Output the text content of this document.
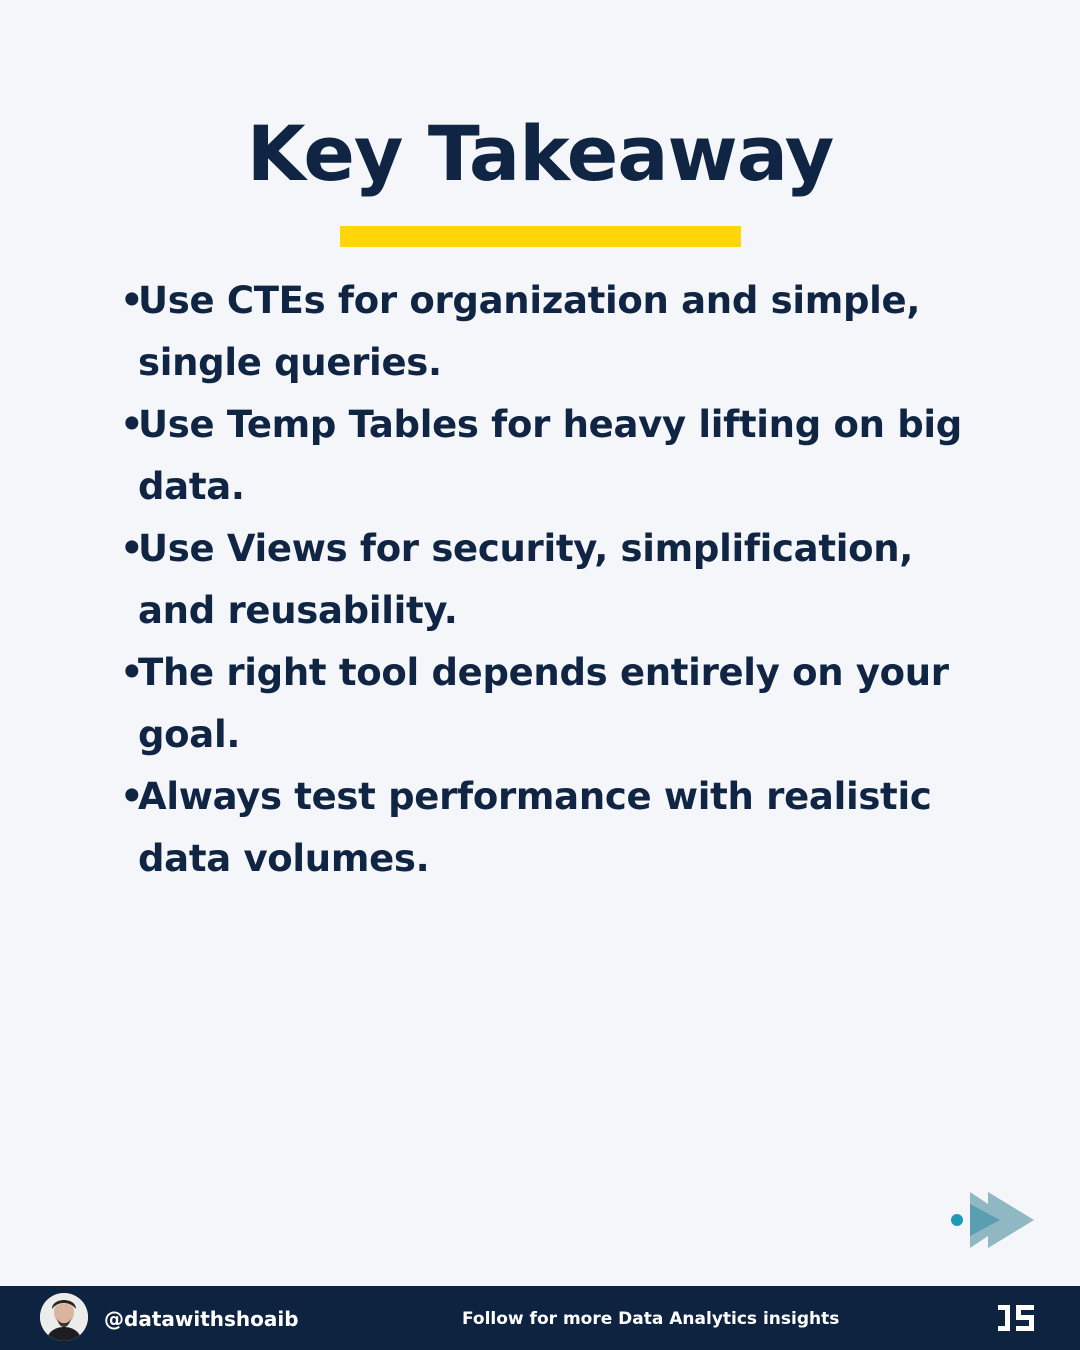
Key Takeaway
•
Use CTEs for organization and simple, single queries.
•
Use Temp Tables for heavy lifting on big data.
•
Use Views for security, simplification, and reusability.
•
The right tool depends entirely on your goal.
•
Always test performance with realistic data volumes.
@datawithshoaib	Follow for more Data Analytics insights
